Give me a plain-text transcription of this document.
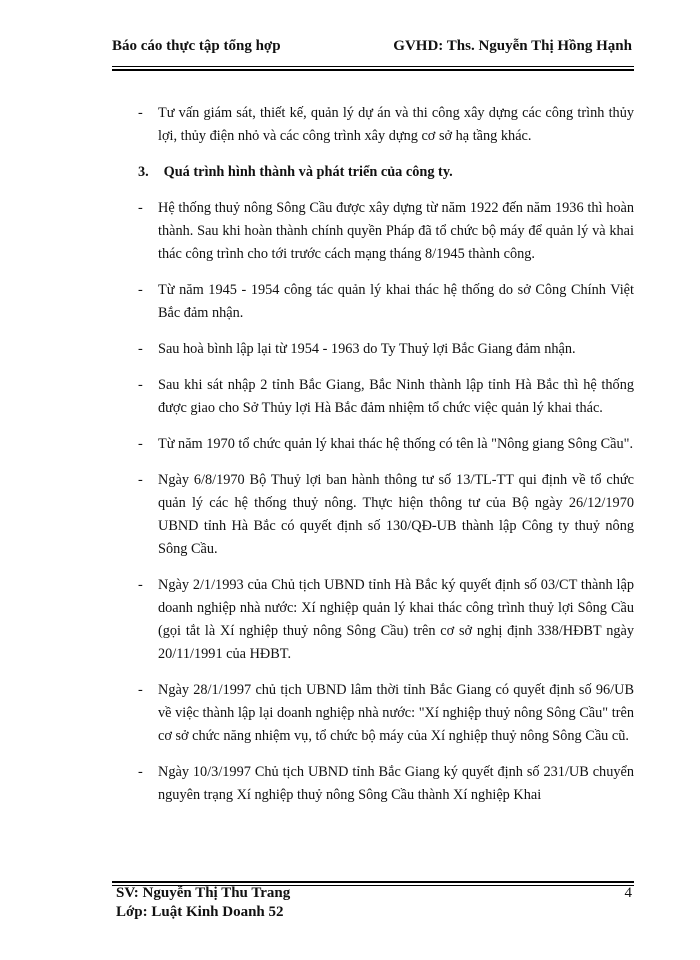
Báo cáo thực tập tổng hợp	GVHD: Ths. Nguyễn Thị Hồng Hạnh
- Tư vấn giám sát, thiết kế, quản lý dự án và thi công xây dựng các công trình thủy lợi, thủy điện nhỏ và các công trình xây dựng cơ sở hạ tầng khác.
3. Quá trình hình thành và phát triển của công ty.
- Hệ thống thuỷ nông Sông Cầu được xây dựng từ năm 1922 đến năm 1936 thì hoàn thành. Sau khi hoàn thành chính quyền Pháp đã tổ chức bộ máy để quản lý và khai thác công trình cho tới trước cách mạng tháng 8/1945 thành công.
- Từ năm 1945 - 1954 công tác quản lý khai thác hệ thống do sở Công Chính Việt Bắc đảm nhận.
- Sau hoà bình lập lại từ 1954 - 1963 do Ty Thuỷ lợi Bắc Giang đảm nhận.
- Sau khi sát nhập 2 tỉnh Bắc Giang, Bắc Ninh thành lập tỉnh Hà Bắc thì hệ thống được giao cho Sở Thủy lợi Hà Bắc đảm nhiệm tổ chức việc quản lý khai thác.
- Từ năm 1970 tổ chức quản lý khai thác hệ thống có tên là "Nông giang Sông Cầu".
- Ngày 6/8/1970 Bộ Thuỷ lợi ban hành thông tư số 13/TL-TT qui định về tổ chức quản lý các hệ thống thuỷ nông. Thực hiện thông tư của Bộ ngày 26/12/1970 UBND tỉnh Hà Bắc có quyết định số 130/QĐ-UB thành lập Công ty thuỷ nông Sông Cầu.
- Ngày 2/1/1993 của Chủ tịch UBND tỉnh Hà Bắc ký quyết định số 03/CT thành lập doanh nghiệp nhà nước: Xí nghiệp quản lý khai thác công trình thuỷ lợi Sông Cầu (gọi tắt là Xí nghiệp thuỷ nông Sông Cầu) trên cơ sở nghị định 338/HĐBT ngày 20/11/1991 của HĐBT.
- Ngày 28/1/1997 chủ tịch UBND lâm thời tỉnh Bắc Giang có quyết định số 96/UB về việc thành lập lại doanh nghiệp nhà nước: "Xí nghiệp thuỷ nông Sông Cầu" trên cơ sở chức năng nhiệm vụ, tổ chức bộ máy của Xí nghiệp thuỷ nông Sông Cầu cũ.
- Ngày 10/3/1997 Chủ tịch UBND tỉnh Bắc Giang ký quyết định số 231/UB chuyển nguyên trạng Xí nghiệp thuỷ nông Sông Cầu thành Xí nghiệp Khai
SV: Nguyễn Thị Thu Trang
Lớp: Luật Kinh Doanh 52
4
